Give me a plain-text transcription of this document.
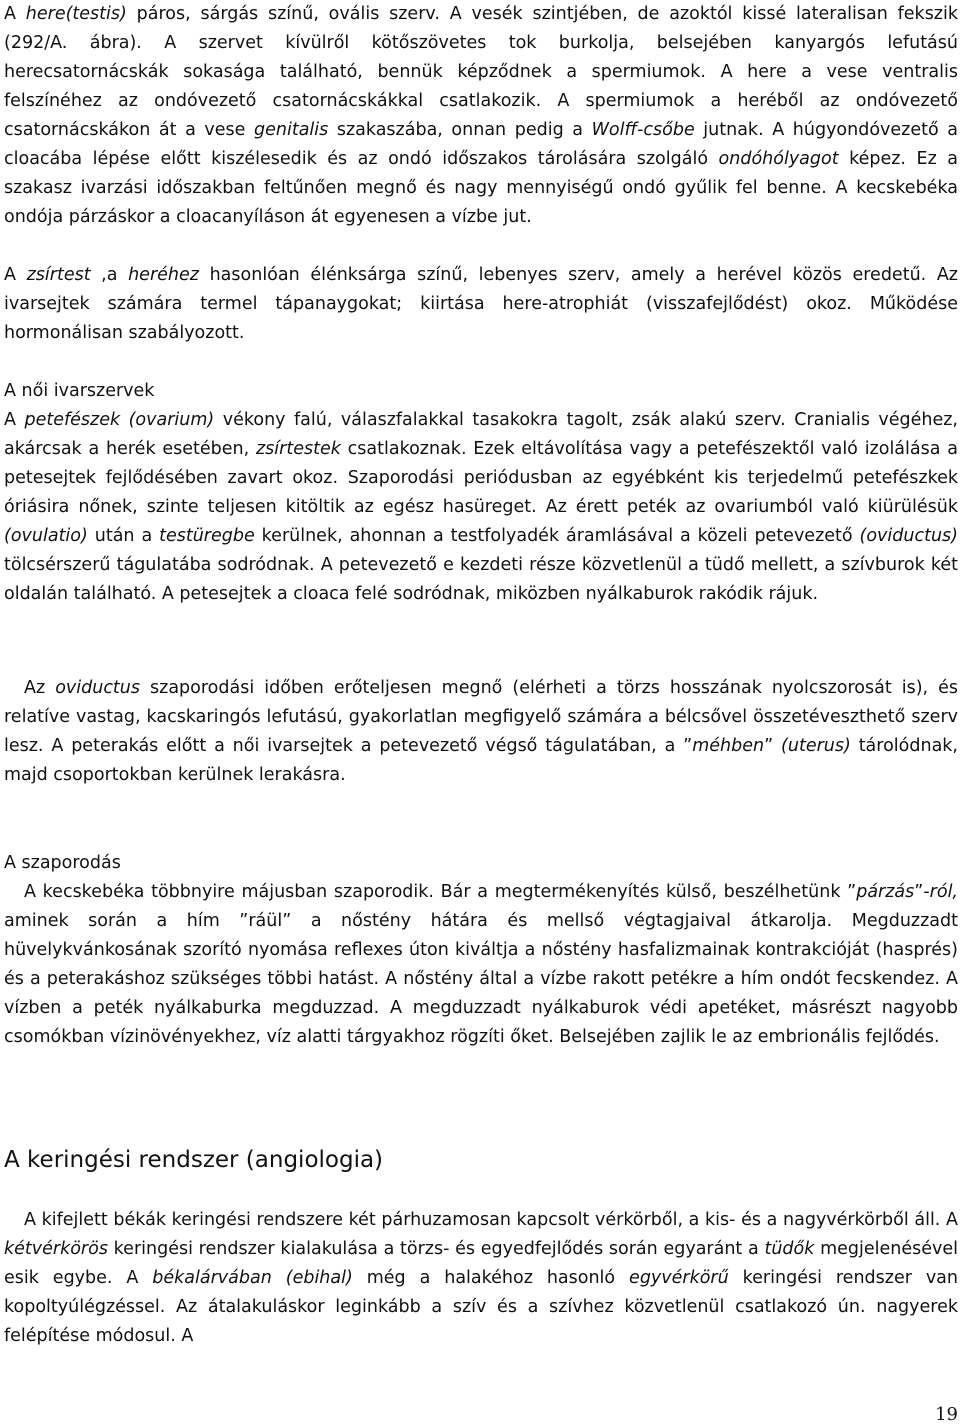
A here(testis) páros, sárgás színű, ovális szerv. A vesék szintjében, de azoktól kissé lateralisan fekszik (292/A. ábra). A szervet kívülről kötőszövetes tok burkolja, belsejében kanyargós lefutású herecsatornácskák sokasága található, bennük képződnek a spermiumok. A here a vese ventralis felszínéhez az ondóvezető csatornácskákkal csatlakozik. A spermiumok a heréből az ondóvezető csatornácskákon át a vese genitalis szakaszába, onnan pedig a Wolff-csőbe jutnak. A húgyondóvezető a cloacába lépése előtt kiszélesedik és az ondó időszakos tárolására szolgáló ondóhólyagot képez. Ez a szakasz ivarzási időszakban feltűnően megnő és nagy mennyiségű ondó gyűlik fel benne. A kecskebéka ondója párzáskor a cloacanyíláson át egyenesen a vízbe jut.

A zsírtest ,a heréhez hasonlóan élénksárga színű, lebenyes szerv, amely a herével közös eredetű. Az ivarsejtek számára termel tápanaygokat; kiirtása here-atrophiát (visszafejlődést) okoz. Működése hormonálisan szabályozott.

A női ivarszervek

A petefészek (ovarium) vékony falú, válaszfalakkal tasakokra tagolt, zsák alakú szerv. Cranialis végéhez, akárcsak a herék esetében, zsírtestek csatlakoznak. Ezek eltávolítása vagy a petefészektől való izolálása a petesejtek fejlődésében zavart okoz. Szaporodási periódusban az egyébként kis terjedelmű petefészkek óriásira nőnek, szinte teljesen kitöltik az egész hasüreget. Az érett peték az ovariumból való kiürülésük (ovulatio) után a testüregbe kerülnek, ahonnan a testfolyadék áramlásával a közeli petevezető (oviductus) tölcsérszerű tágulatába sodródnak. A petevezető e kezdeti része közvetlenül a tüdő mellett, a szívburok két oldalán található. A petesejtek a cloaca felé sodródnak, miközben nyálkaburok rakódik rájuk.

Az oviductus szaporodási időben erőteljesen megnő (elérheti a törzs hosszának nyolcszorosát is), és relatíve vastag, kacskaringós lefutású, gyakorlatlan megfigyelő számára a bélcsővel összetéveszthető szerv lesz. A peterakás előtt a női ivarsejtek a petevezető végső tágulatában, a ”méhben” (uterus) tárolódnak, majd csoportokban kerülnek lerakásra.

A szaporodás

A kecskebéka többnyire májusban szaporodik. Bár a megtermékenyítés külső, beszélhetünk ”párzás”-ról, aminek során a hím ”ráül” a nőstény hátára és mellső végtagjaival átkarolja. Megduzzadt hüvelykvánkosának szorító nyomása reflexes úton kiváltja a nőstény hasfalizmainak kontrakcióját (hasprés) és a peterakáshoz szükséges többi hatást. A nőstény által a vízbe rakott petékre a hím ondót fecskendez. A vízben a peték nyálkaburka megduzzad. A megduzzadt nyálkaburok védi apetéket, másrészt nagyobb csomókban vízinövényekhez, víz alatti tárgyakhoz rögzíti őket. Belsejében zajlik le az embrionális fejlődés.

A keringési rendszer (angiologia)

A kifejlett békák keringési rendszere két párhuzamosan kapcsolt vérkörből, a kis- és a nagyvérkörből áll. A kétvérkörös keringési rendszer kialakulása a törzs- és egyedfejlődés során egyaránt a tüdők megjelenésével esik egybe. A békalárvában (ebihal) még a halakéhoz hasonló egyvérkörű keringési rendszer van kopoltyúlégzéssel. Az átalakuláskor leginkább a szív és a szívhez közvetlenül csatlakozó ún. nagyerek felépítése módosul. A

19
